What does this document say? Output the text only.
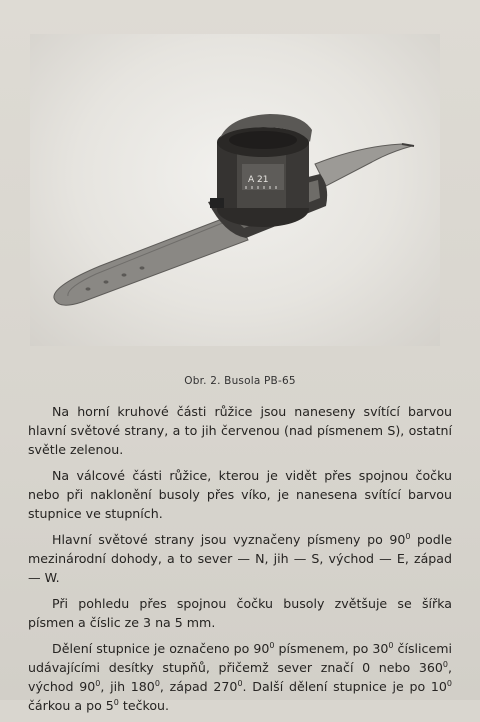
A 21
Obr. 2. Busola PB-65

Na horní kruhové části růžice jsou naneseny svítící barvou hlavní světové strany, a to jih červenou (nad písmenem S), ostatní světle zelenou.

Na válcové části růžice, kterou je vidět přes spojnou čočku nebo při naklonění busoly přes víko, je nanesena svítící barvou stupnice ve stupních.

Hlavní světové strany jsou vyznačeny písmeny po $90^0$ podle mezinárodní dohody, a to sever — N, jih — S, východ — E, západ — W.

Při pohledu přes spojnou čočku busoly zvětšuje se šířka písmen a číslic ze 3 na 5 mm.

Dělení stupnice je označeno po $90^0$ písmenem, po $30^0$ číslicemi udávajícími desítky stupňů, přičemž sever značí 0 nebo $360^0$, východ $90^0$, jih $180^0$, západ $270^0$. Další dělení stupnice je po $10^0$ čárkou a po $5^0$ tečkou.
